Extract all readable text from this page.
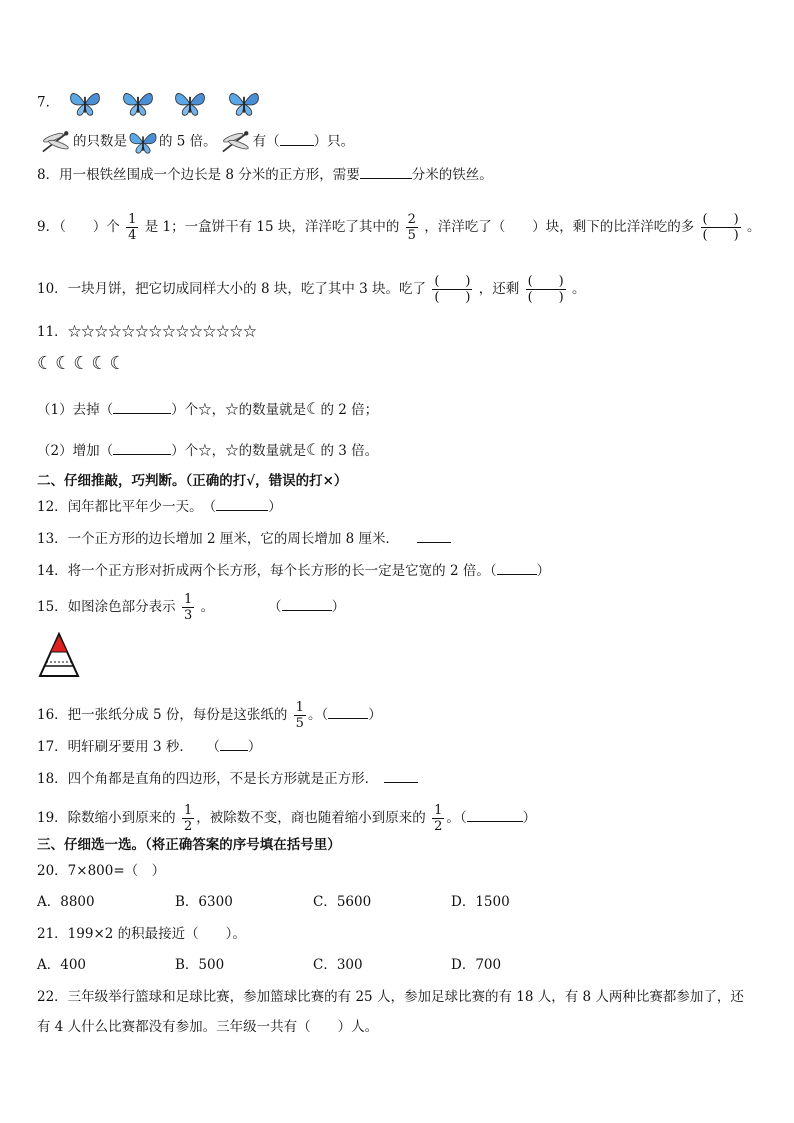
7．
的只数是 的 5 倍。	有（	）只。
8．用一根铁丝围成一个边长是 8 分米的正方形，需要	分米的铁丝。
9．（　　）个 $\frac{1}{4}$ 是 1；一盒饼干有 15 块，洋洋吃了其中的 $\frac{2}{5}$ ，洋洋吃了（　　）块，剩下的比洋洋吃的多 $\frac{( )}{( )}$ 。
10．一块月饼，把它切成同样大小的 8 块，吃了其中 3 块。吃了 $\frac{( )}{( )}$ ，还剩 $\frac{( )}{( )}$ 。
11．☆☆☆☆☆☆☆☆☆☆☆☆☆☆
☾☾☾☾☾
（1）去掉（	）个☆，☆的数量就是☾的 2 倍；
（2）增加（	）个☆，☆的数量就是☾的 3 倍。
二、仔细推敲，巧判断。（正确的打√，错误的打×）
12．闰年都比平年少一天。　（	）
13．一个正方形的边长增加 2 厘米，它的周长增加 8 厘米．
14．将一个正方形对折成两个长方形，每个长方形的长一定是它宽的 2 倍。（	）
15．如图涂色部分表示 $\frac{1}{3}$ 。　　　　　（	）
16．把一张纸分成 5 份，每份是这张纸的 $\frac{1}{5}$ 。（	）
17．明轩刷牙要用 3 秒．　　（ ）
18．四个角都是直角的四边形，不是长方形就是正方形．
19．除数缩小到原来的 $\frac{1}{2}$ ，被除数不变，商也随着缩小到原来的 $\frac{1}{2}$ 。（	）
三、仔细选一选。（将正确答案的序号填在括号里）
20．7×800=（　）
A．8800	B．6300	C．5600	D．1500
21．199×2 的积最接近（　　）。
A．400	B．500	C．300	D．700
22．三年级举行篮球和足球比赛，参加篮球比赛的有 25 人，参加足球比赛的有 18 人，有 8 人两种比赛都参加了，还
有 4 人什么比赛都没有参加。三年级一共有（　　）人。
